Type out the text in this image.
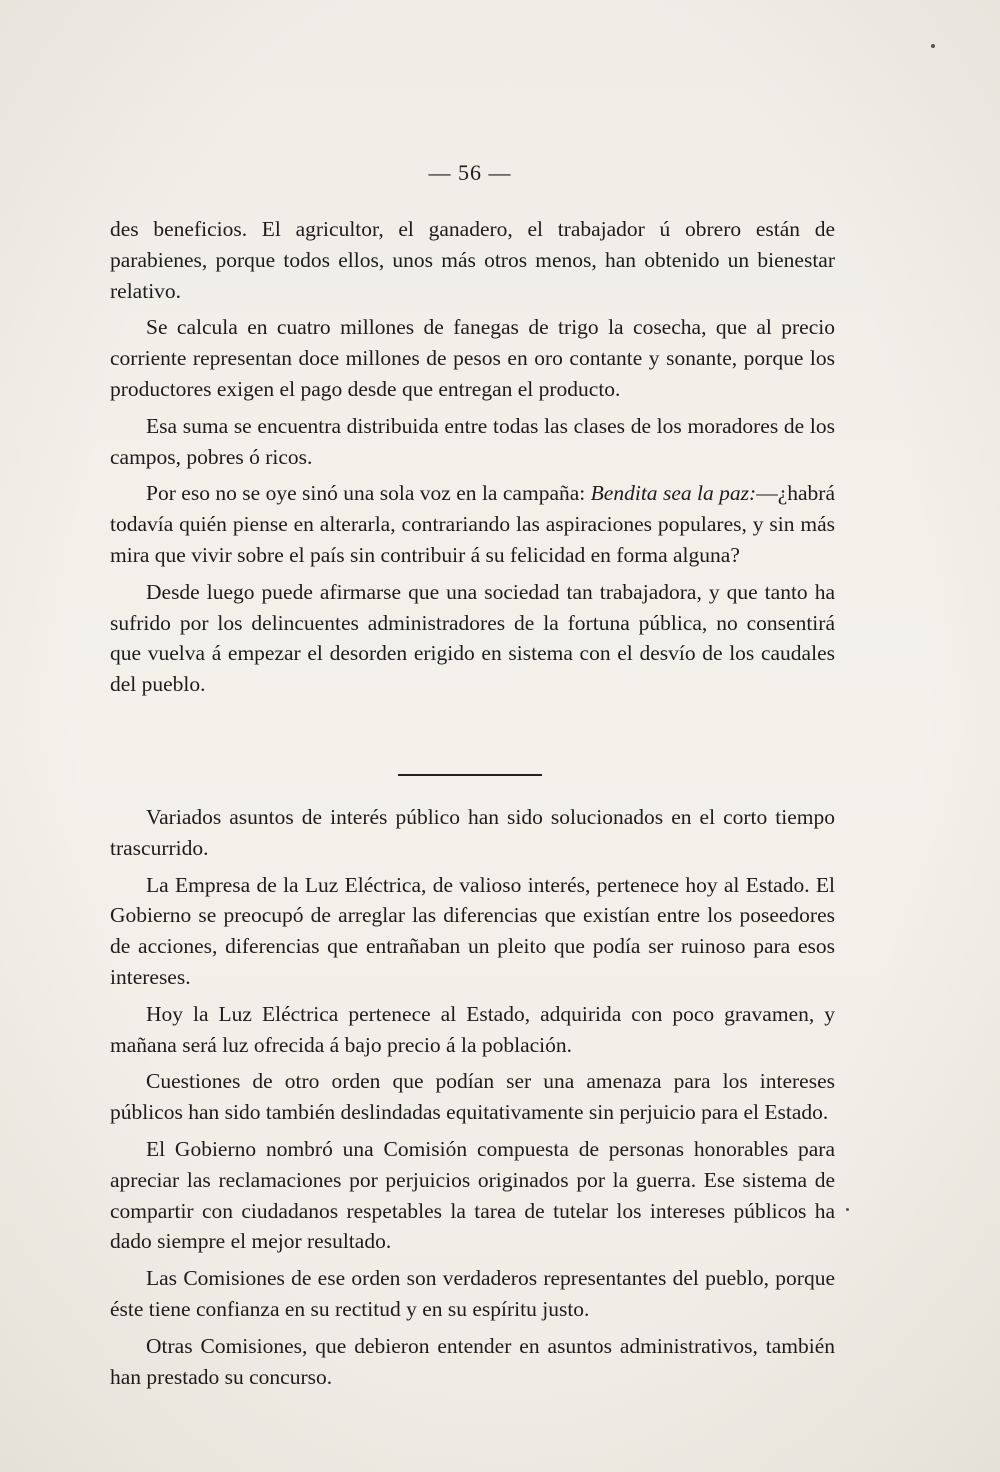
— 56 —

des beneficios. El agricultor, el ganadero, el trabajador ú obrero están de parabienes, porque todos ellos, unos más otros menos, han obtenido un bienestar relativo.

Se calcula en cuatro millones de fanegas de trigo la cosecha, que al precio corriente representan doce millones de pesos en oro contante y sonante, porque los productores exigen el pago desde que entregan el producto.

Esa suma se encuentra distribuida entre todas las clases de los moradores de los campos, pobres ó ricos.

Por eso no se oye sinó una sola voz en la campaña: Bendita sea la paz:—¿habrá todavía quién piense en alterarla, contrariando las aspiraciones populares, y sin más mira que vivir sobre el país sin contribuir á su felicidad en forma alguna?

Desde luego puede afirmarse que una sociedad tan trabajadora, y que tanto ha sufrido por los delincuentes administradores de la fortuna pública, no consentirá que vuelva á empezar el desorden erigido en sistema con el desvío de los caudales del pueblo.

Variados asuntos de interés público han sido solucionados en el corto tiempo trascurrido.

La Empresa de la Luz Eléctrica, de valioso interés, pertenece hoy al Estado. El Gobierno se preocupó de arreglar las diferencias que existían entre los poseedores de acciones, diferencias que entrañaban un pleito que podía ser ruinoso para esos intereses.

Hoy la Luz Eléctrica pertenece al Estado, adquirida con poco gravamen, y mañana será luz ofrecida á bajo precio á la población.

Cuestiones de otro orden que podían ser una amenaza para los intereses públicos han sido también deslindadas equitativamente sin perjuicio para el Estado.

El Gobierno nombró una Comisión compuesta de personas honorables para apreciar las reclamaciones por perjuicios originados por la guerra. Ese sistema de compartir con ciudadanos respetables la tarea de tutelar los intereses públicos ha dado siempre el mejor resultado.

Las Comisiones de ese orden son verdaderos representantes del pueblo, porque éste tiene confianza en su rectitud y en su espíritu justo.

Otras Comisiones, que debieron entender en asuntos administrativos, también han prestado su concurso.
